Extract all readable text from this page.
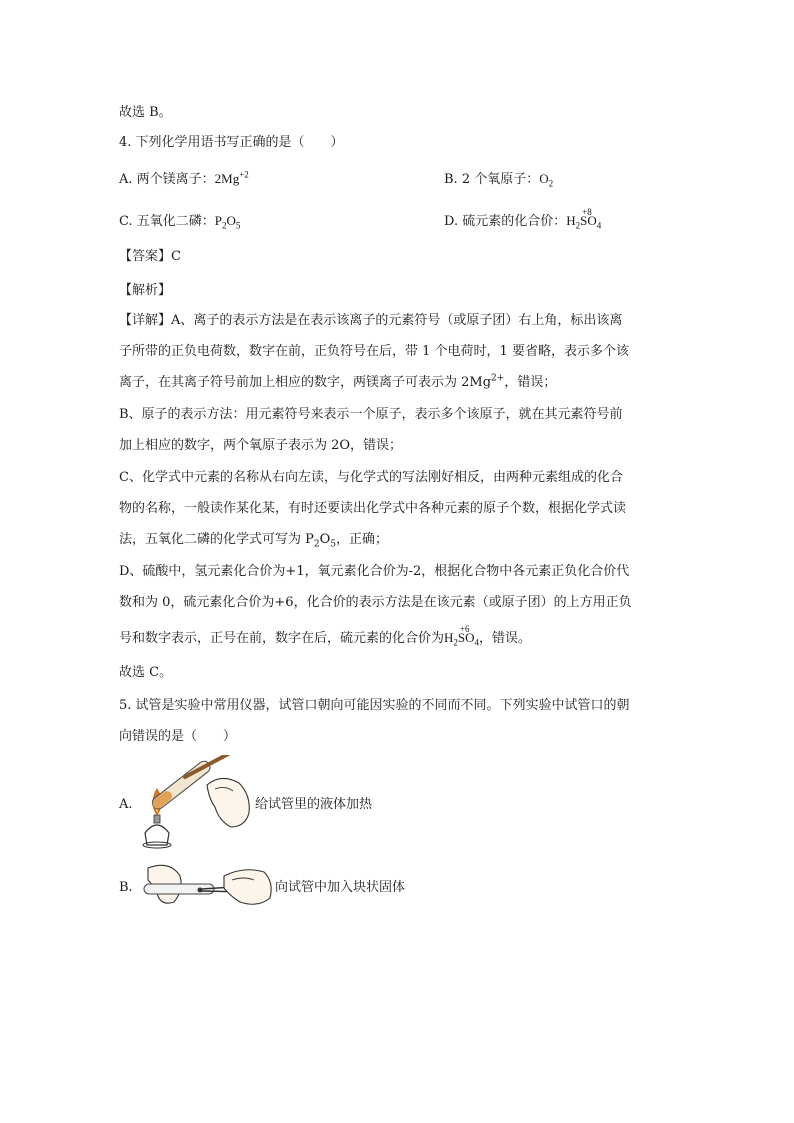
故选 B。
4. 下列化学用语书写正确的是（　　）
A. 两个镁离子：$2Mg^{+2}$	B. 2 个氧原子：$O_2$
C. 五氧化二磷：$P_2O_5$	D. 硫元素的化合价：$H_2$
+8
$SO_4$
【答案】C
【解析】
【详解】A、离子的表示方法是在表示该离子的元素符号（或原子团）右上角，标出该离
子所带的正负电荷数，数字在前，正负符号在后，带 1 个电荷时，1 要省略，表示多个该
离子，在其离子符号前加上相应的数字，两镁离子可表示为 $2Mg^{2+}$，错误；
B、原子的表示方法：用元素符号来表示一个原子，表示多个该原子，就在其元素符号前
加上相应的数字，两个氧原子表示为 2O，错误；
C、化学式中元素的名称从右向左读，与化学式的写法刚好相反，由两种元素组成的化合
物的名称，一般读作某化某，有时还要读出化学式中各种元素的原子个数，根据化学式读
法，五氧化二磷的化学式可写为 $P_2O_5$，正确；
D、硫酸中，氢元素化合价为+1，氧元素化合价为-2，根据化合物中各元素正负化合价代
数和为 0，硫元素化合价为+6，化合价的表示方法是在该元素（或原子团）的上方用正负
号和数字表示，正号在前，数字在后，硫元素的化合价为$H_2$
+6
$SO_4$，错误。
故选 C。
5. 试管是实验中常用仪器，试管口朝向可能因实验的不同而不同。下列实验中试管口的朝
向错误的是（　　）
A.	给试管里的液体加热
B.	向试管中加入块状固体
